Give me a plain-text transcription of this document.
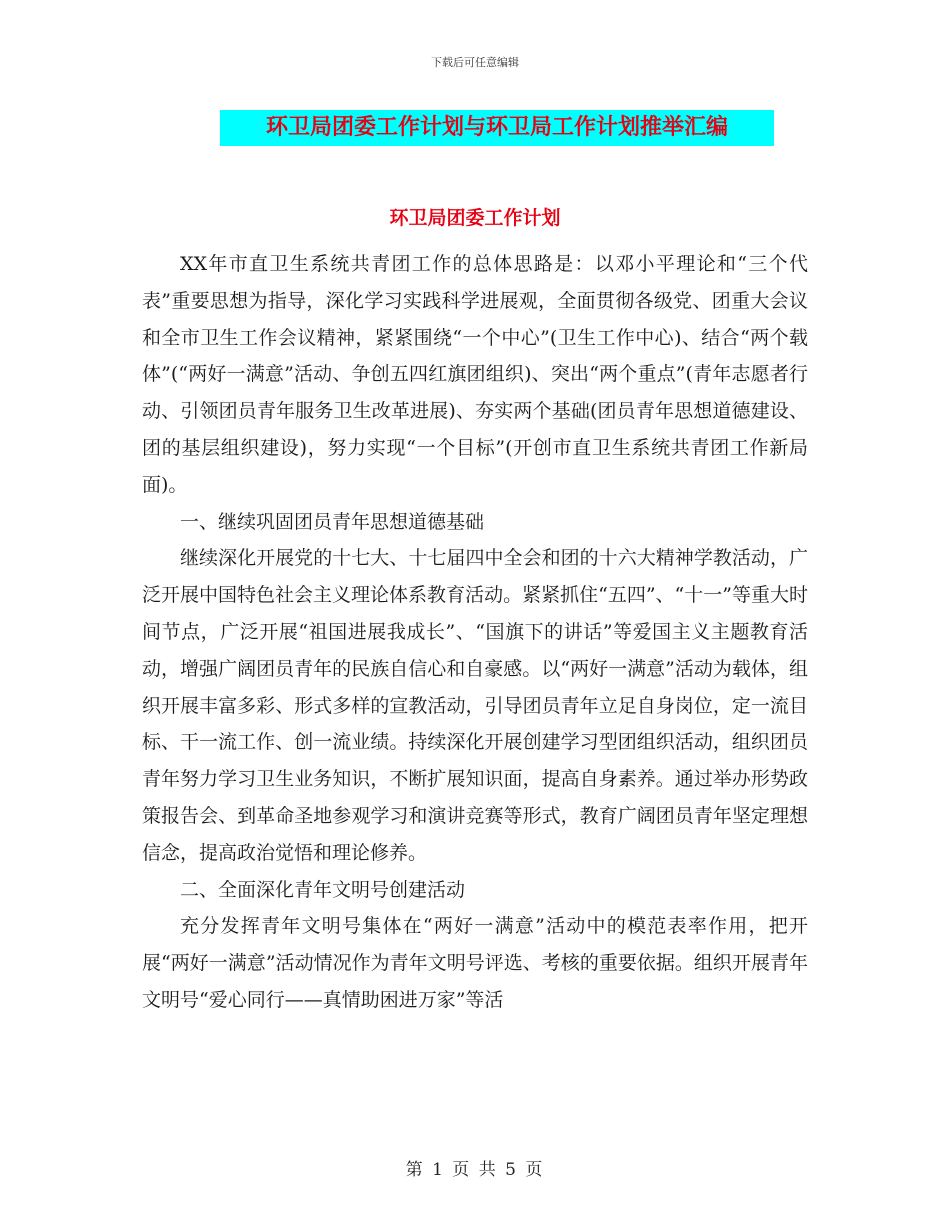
下载后可任意编辑
环卫局团委工作计划与环卫局工作计划推举汇编
环卫局团委工作计划

XX年市直卫生系统共青团工作的总体思路是：以邓小平理论和“三个代表”重要思想为指导，深化学习实践科学进展观，全面贯彻各级党、团重大会议和全市卫生工作会议精神，紧紧围绕“一个中心”(卫生工作中心)、结合“两个载体”(“两好一满意”活动、争创五四红旗团组织)、突出“两个重点”(青年志愿者行动、引领团员青年服务卫生改革进展)、夯实两个基础(团员青年思想道德建设、团的基层组织建设)，努力实现“一个目标”(开创市直卫生系统共青团工作新局面)。

一、继续巩固团员青年思想道德基础

继续深化开展党的十七大、十七届四中全会和团的十六大精神学教活动，广泛开展中国特色社会主义理论体系教育活动。紧紧抓住“五四”、“十一”等重大时间节点，广泛开展“祖国进展我成长”、“国旗下的讲话”等爱国主义主题教育活动，增强广阔团员青年的民族自信心和自豪感。以“两好一满意”活动为载体，组织开展丰富多彩、形式多样的宣教活动，引导团员青年立足自身岗位，定一流目标、干一流工作、创一流业绩。持续深化开展创建学习型团组织活动，组织团员青年努力学习卫生业务知识，不断扩展知识面，提高自身素养。通过举办形势政策报告会、到革命圣地参观学习和演讲竞赛等形式，教育广阔团员青年坚定理想信念，提高政治觉悟和理论修养。

二、全面深化青年文明号创建活动

充分发挥青年文明号集体在“两好一满意”活动中的模范表率作用，把开展“两好一满意”活动情况作为青年文明号评选、考核的重要依据。组织开展青年文明号“爱心同行——真情助困进万家”等活

第 1 页 共 5 页
